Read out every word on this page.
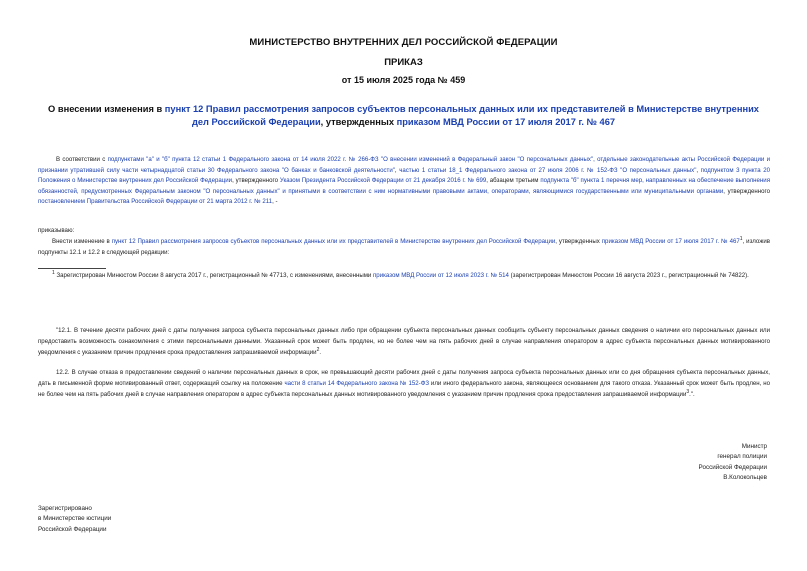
МИНИСТЕРСТВО ВНУТРЕННИХ ДЕЛ РОССИЙСКОЙ ФЕДЕРАЦИИ
ПРИКАЗ
от 15 июля 2025 года № 459
О внесении изменения в пункт 12 Правил рассмотрения запросов субъектов персональных данных или их представителей в Министерстве внутренних дел Российской Федерации, утвержденных приказом МВД России от 17 июля 2017 г. № 467
В соответствии с подпунктами "а" и "б" пункта 12 статьи 1 Федерального закона от 14 июля 2022 г. № 266-ФЗ "О внесении изменений в Федеральный закон "О персональных данных", отдельные законодательные акты Российской Федерации и признании утратившей силу части четырнадцатой статьи 30 Федерального закона "О банках и банковской деятельности", частью 1 статьи 18_1 Федерального закона от 27 июля 2006 г. № 152-ФЗ "О персональных данных", подпунктом 3 пункта 20 Положения о Министерстве внутренних дел Российской Федерации, утвержденного Указом Президента Российской Федерации от 21 декабря 2016 г. № 699, абзацем третьим подпункта "б" пункта 1 перечня мер, направленных на обеспечение выполнения обязанностей, предусмотренных Федеральным законом "О персональных данных" и принятыми в соответствии с ним нормативными правовыми актами, операторами, являющимися государственными или муниципальными органами, утвержденного постановлением Правительства Российской Федерации от 21 марта 2012 г. № 211, -
приказываю:
Внести изменение в пункт 12 Правил рассмотрения запросов субъектов персональных данных или их представителей в Министерстве внутренних дел Российской Федерации, утвержденных приказом МВД России от 17 июля 2017 г. № 467$^1$, изложив подпункты 12.1 и 12.2 в следующей редакции:
$^1$ Зарегистрирован Минюстом России 8 августа 2017 г., регистрационный № 47713, с изменениями, внесенными приказом МВД России от 12 июля 2023 г. № 514 (зарегистрирован Минюстом России 16 августа 2023 г., регистрационный № 74822).
"12.1. В течение десяти рабочих дней с даты получения запроса субъекта персональных данных либо при обращении субъекта персональных данных сообщить субъекту персональных данных сведения о наличии его персональных данных или предоставить возможность ознакомления с этими персональными данными. Указанный срок может быть продлен, но не более чем на пять рабочих дней в случае направления оператором в адрес субъекта персональных данных мотивированного уведомления с указанием причин продления срока предоставления запрашиваемой информации$^2$.
12.2. В случае отказа в предоставлении сведений о наличии персональных данных в срок, не превышающий десяти рабочих дней с даты получения запроса субъекта персональных данных или со дня обращения субъекта персональных данных, дать в письменной форме мотивированный ответ, содержащий ссылку на положение части 8 статьи 14 Федерального закона № 152-ФЗ или иного федерального закона, являющееся основанием для такого отказа. Указанный срок может быть продлен, но не более чем на пять рабочих дней в случае направления оператором в адрес субъекта персональных данных мотивированного уведомления с указанием причин продления срока предоставления запрашиваемой информации$^3$.".
Министр
генерал полиции
Российской Федерации
В.Колокольцев
Зарегистрировано
в Министерстве юстиции
Российской Федерации
